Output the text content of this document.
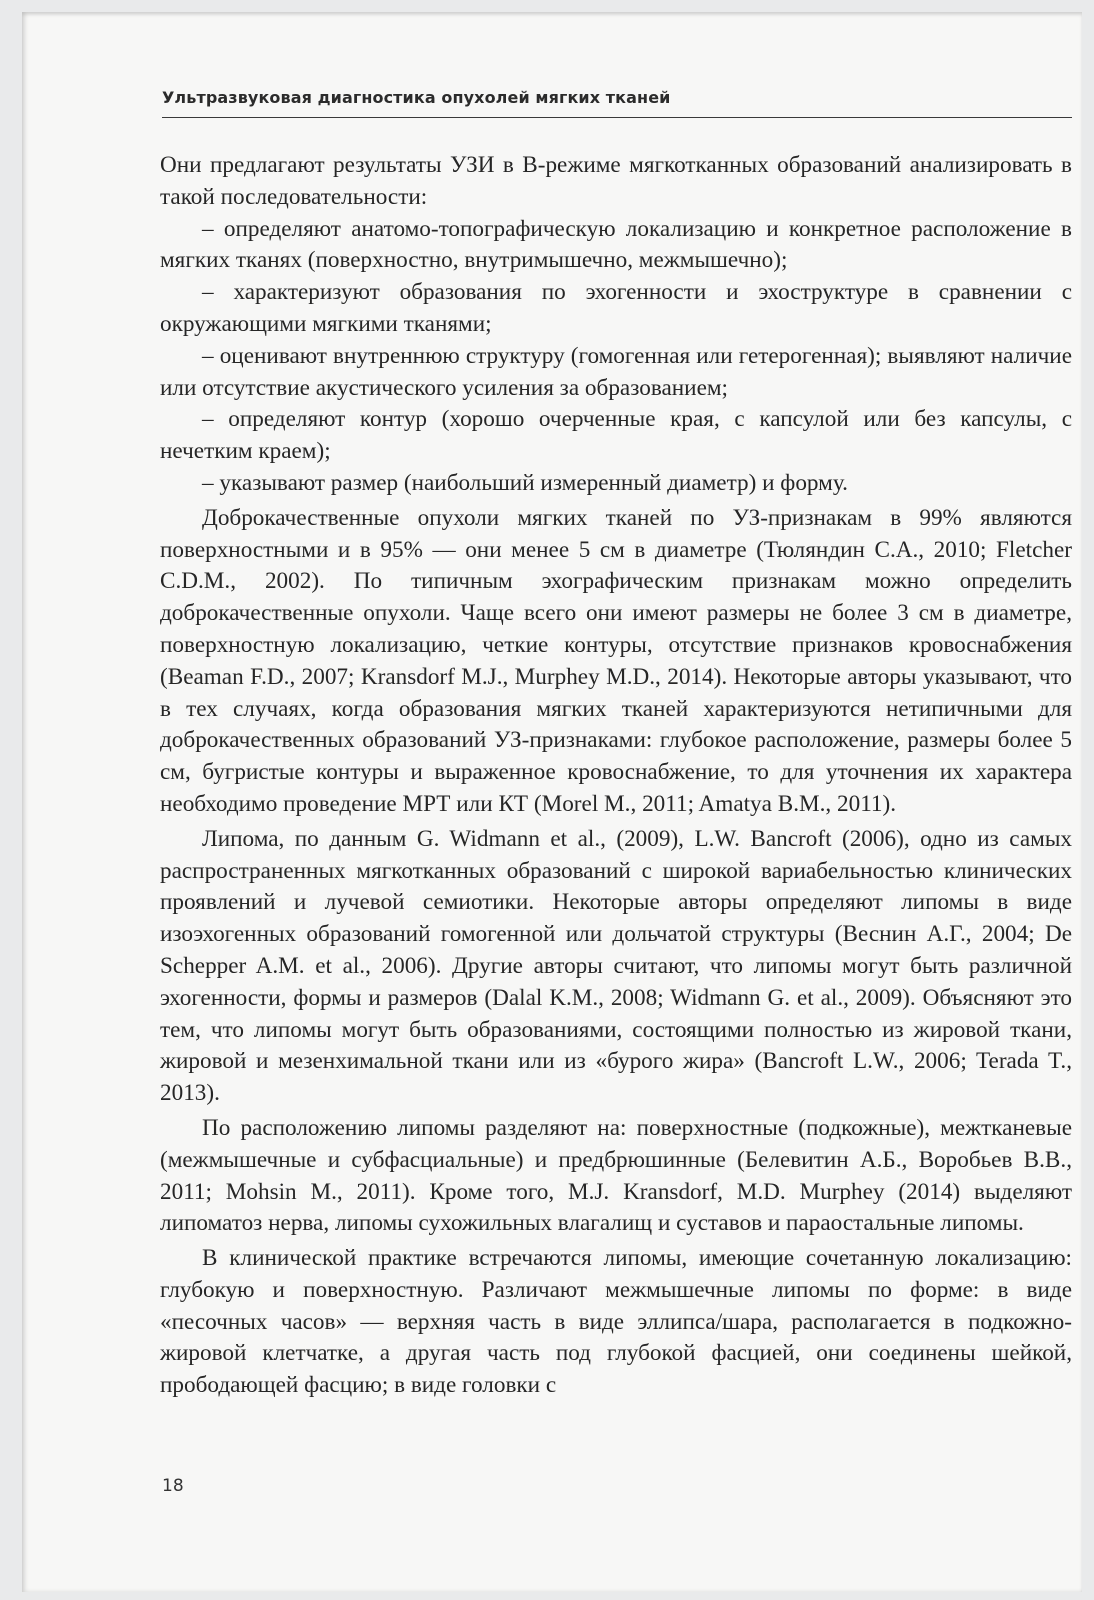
Ультразвуковая диагностика опухолей мягких тканей

Они предлагают результаты УЗИ в В-режиме мягкотканных образований анализировать в такой последовательности:

– определяют анатомо-топографическую локализацию и конкретное расположение в мягких тканях (поверхностно, внутримышечно, межмышечно);

– характеризуют образования по эхогенности и эхоструктуре в сравнении с окружающими мягкими тканями;

– оценивают внутреннюю структуру (гомогенная или гетерогенная); выявляют наличие или отсутствие акустического усиления за образованием;

– определяют контур (хорошо очерченные края, с капсулой или без капсулы, с нечетким краем);

– указывают размер (наибольший измеренный диаметр) и форму.

Доброкачественные опухоли мягких тканей по УЗ-признакам в 99% являются поверхностными и в 95% — они менее 5 см в диаметре (Тюляндин С.А., 2010; Fletcher C.D.M., 2002). По типичным эхографическим признакам можно определить доброкачественные опухоли. Чаще всего они имеют размеры не более 3 см в диаметре, поверхностную локализацию, четкие контуры, отсутствие признаков кровоснабжения (Beaman F.D., 2007; Kransdorf M.J., Murphey M.D., 2014). Некоторые авторы указывают, что в тех случаях, когда образования мягких тканей характеризуются нетипичными для доброкачественных образований УЗ-признаками: глубокое расположение, размеры более 5 см, бугристые контуры и выраженное кровоснабжение, то для уточнения их характера необходимо проведение МРТ или КТ (Morel M., 2011; Amatya B.M., 2011).

Липома, по данным G. Widmann et al., (2009), L.W. Bancroft (2006), одно из самых распространенных мягкотканных образований с широкой вариабельностью клинических проявлений и лучевой семиотики. Некоторые авторы определяют липомы в виде изоэхогенных образований гомогенной или дольчатой структуры (Веснин А.Г., 2004; De Schepper A.M. et al., 2006). Другие авторы считают, что липомы могут быть различной эхогенности, формы и размеров (Dalal K.M., 2008; Widmann G. et al., 2009). Объясняют это тем, что липомы могут быть образованиями, состоящими полностью из жировой ткани, жировой и мезенхимальной ткани или из «бурого жира» (Bancroft L.W., 2006; Terada T., 2013).

По расположению липомы разделяют на: поверхностные (подкожные), межтканевые (межмышечные и субфасциальные) и предбрюшинные (Белевитин А.Б., Воробьев В.В., 2011; Mohsin M., 2011). Кроме того, M.J. Kransdorf, M.D. Murphey (2014) выделяют липоматоз нерва, липомы сухожильных влагалищ и суставов и параостальные липомы.

В клинической практике встречаются липомы, имеющие сочетанную локализацию: глубокую и поверхностную. Различают межмышечные липомы по форме: в виде «песочных часов» — верхняя часть в виде эллипса/шара, располагается в подкожно-жировой клетчатке, а другая часть под глубокой фасцией, они соединены шейкой, прободающей фасцию; в виде головки с

18
